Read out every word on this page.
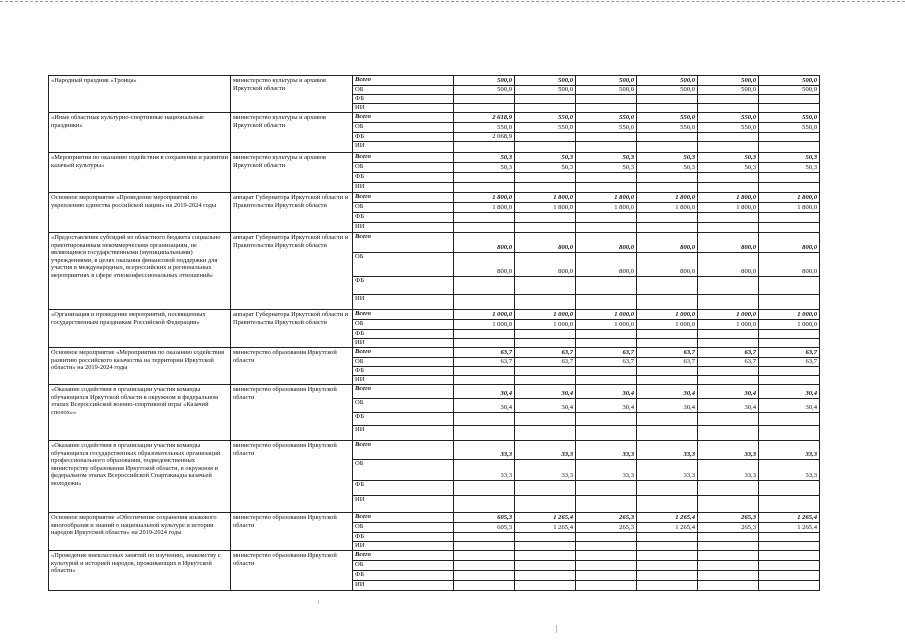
«Народный праздник «Троица»	министерство культуры и архивов Иркутской области	Всего	500,0	500,0	500,0	500,0	500,0	500,0
		ОБ	500,0	500,0	500,0	500,0	500,0	500,0
		ФБ						
		ИИ						
«Иные областные культурно-спортивные национальные праздники»	министерство культуры и архивов Иркутской области	Всего	2 618,9	550,0	550,0	550,0	550,0	550,0
		ОБ	550,0	550,0	550,0	550,0	550,0	550,0
		ФБ	2 068,9					
		ИИ						
«Мероприятия по оказанию содействия в сохранении и развитии казачьей культуры»	министерство культуры и архивов Иркутской области	Всего	50,3	50,3	50,3	50,3	50,3	50,3
		ОБ	50,3	50,3	50,3	50,3	50,3	50,3
		ФБ						
		ИИ						
Основное мероприятие «Проведение мероприятий по укреплению единства российской нации» на 2019-2024 годы	аппарат Губернатора Иркутской области и Правительства Иркутской области	Всего	1 800,0	1 800,0	1 800,0	1 800,0	1 800,0	1 800,0
		ОБ	1 800,0	1 800,0	1 800,0	1 800,0	1 800,0	1 800,0
		ФБ						
		ИИ						
«Предоставление субсидий из областного бюджета социально ориентированным некоммерческим организациям, не являющимся государственными (муниципальными) учреждениями, в целях оказания финансовой поддержки для участия в международных, всероссийских и региональных мероприятиях в сфере этноконфессиональных отношений»	аппарат Губернатора Иркутской области и Правительства Иркутской области	Всего	800,0	800,0	800,0	800,0	800,0	800,0
		ОБ	800,0	800,0	800,0	800,0	800,0	800,0
		ФБ						
		ИИ						
«Организация и проведение мероприятий, посвященных государственным праздникам Российской Федерации»	аппарат Губернатора Иркутской области и Правительства Иркутской области	Всего	1 000,0	1 000,0	1 000,0	1 000,0	1 000,0	1 000,0
		ОБ	1 000,0	1 000,0	1 000,0	1 000,0	1 000,0	1 000,0
		ФБ						
		ИИ						
Основное мероприятие «Мероприятия по оказанию содействия развитию российского казачества на территории Иркутской области» на 2019-2024 годы	министерство образования Иркутской области	Всего	63,7	63,7	63,7	63,7	63,7	63,7
		ОБ	63,7	63,7	63,7	63,7	63,7	63,7
		ФБ						
		ИИ						
«Оказание содействия в организации участия команды обучающихся Иркутской области в окружном и федеральном этапах Всероссийской военно-спортивной игры «Казачий сполох»»	министерство образования Иркутской области	Всего	30,4	30,4	30,4	30,4	30,4	30,4
		ОБ	30,4	30,4	30,4	30,4	30,4	30,4
		ФБ						
		ИИ						
«Оказание содействия в организации участия команды обучающихся государственных образовательных организаций профессионального образования, подведомственных министерству образования Иркутской области, в окружном и федеральном этапах Всероссийской Спартакиады казачьей молодежи»	министерство образования Иркутской области	Всего	33,3	33,3	33,3	33,3	33,3	33,3
		ОБ	33,3	33,3	33,3	33,3	33,3	33,3
		ФБ						
		ИИ						
Основное мероприятие «Обеспечение сохранения языкового многообразия и знаний о национальной культуре и истории народов Иркутской области» на 2019-2024 годы	министерство образования Иркутской области	Всего	605,3	1 265,4	265,3	1 265,4	265,3	1 265,4
		ОБ	605,3	1 265,4	265,3	1 265,4	265,3	1 265,4
		ФБ						
		ИИ						
«Проведение внеклассных занятий по изучению, знакомству с культурой и историей народов, проживающих в Иркутской области»	министерство образования Иркутской области	Всего						
		ОБ						
		ФБ						
		ИИ						
